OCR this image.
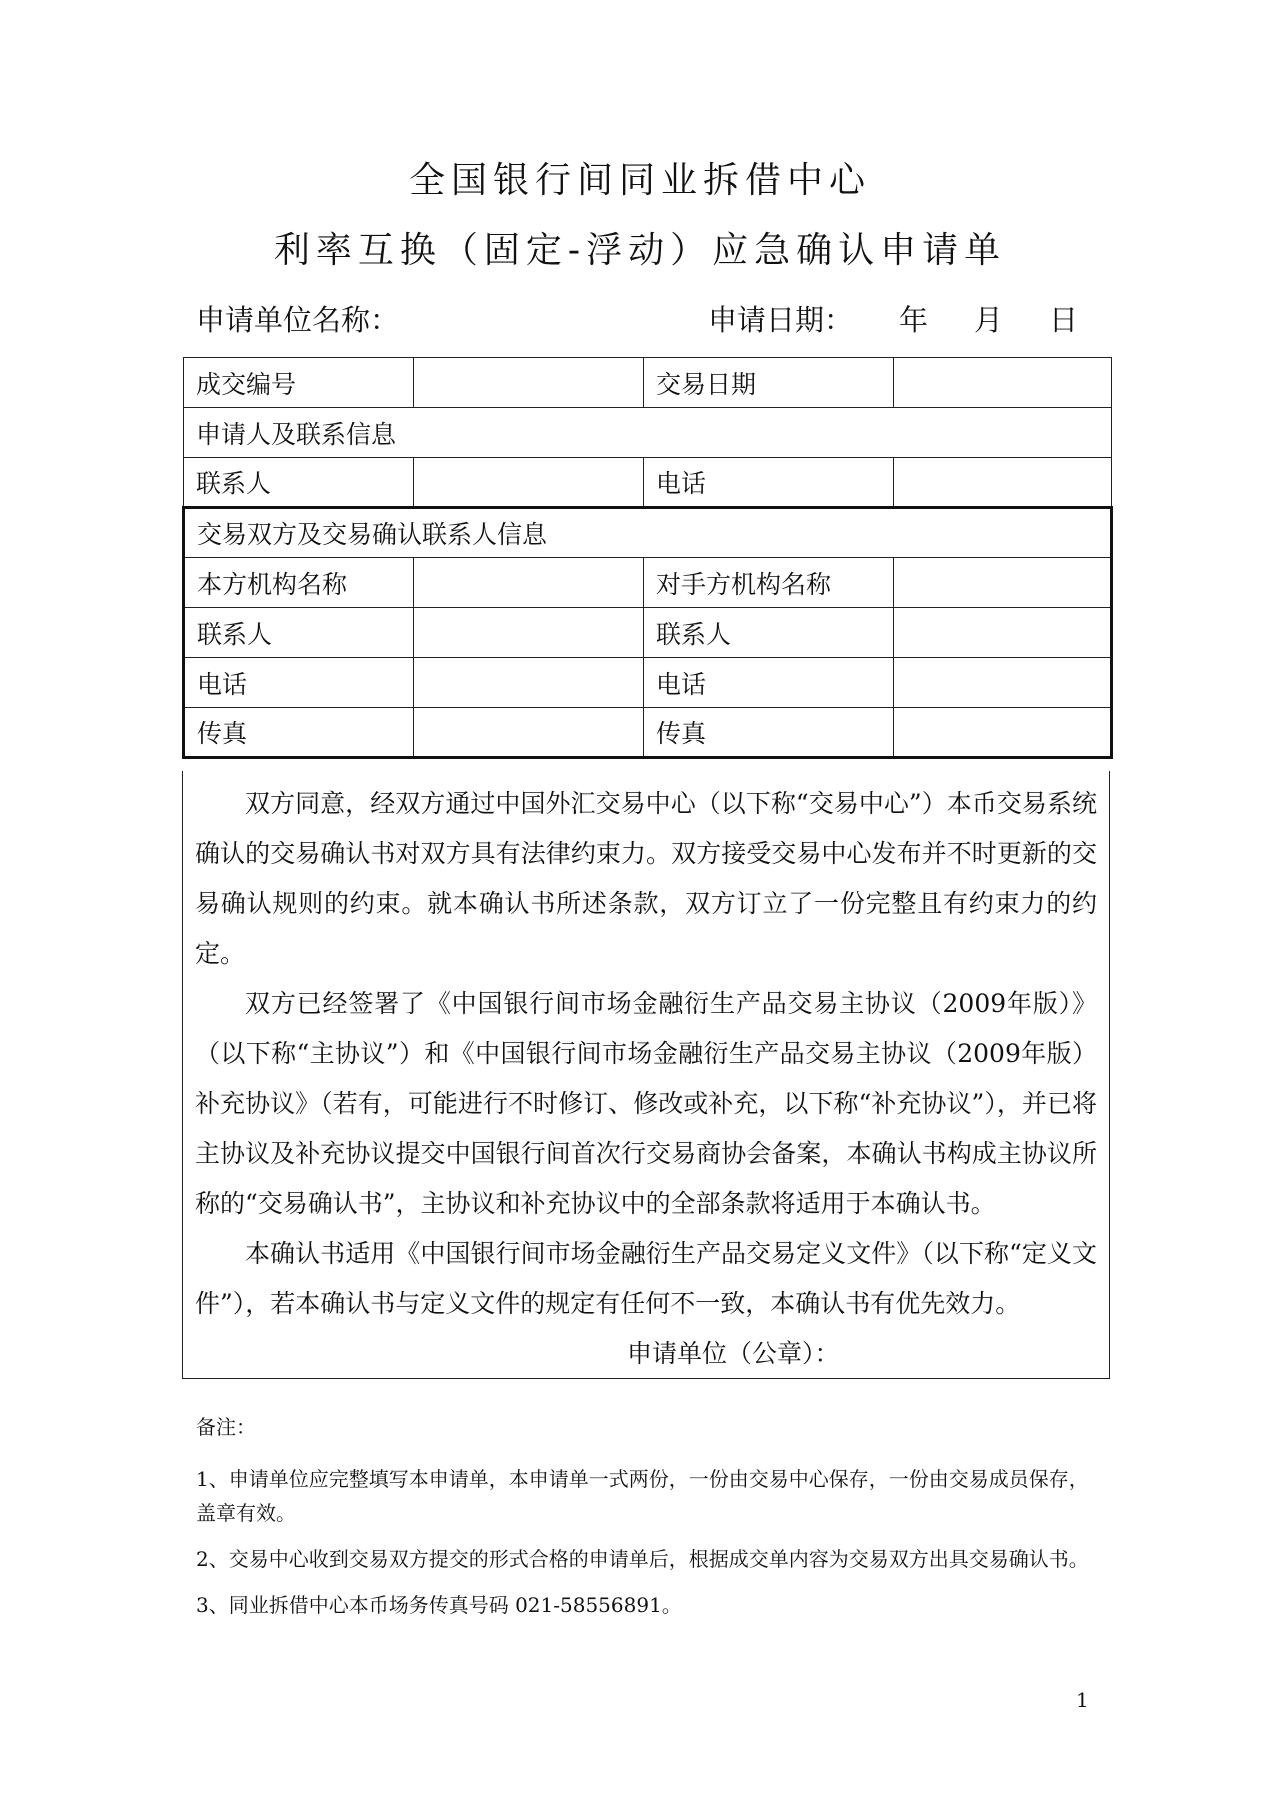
全国银行间同业拆借中心
利率互换（固定-浮动）应急确认申请单
申请单位名称：	申请日期： 年 月 日
成交编号		交易日期	
申请人及联系信息			
联系人		电话	
交易双方及交易确认联系人信息			
本方机构名称		对手方机构名称	
联系人		联系人	
电话		电话	
传真		传真	

双方同意，经双方通过中国外汇交易中心（以下称“交易中心”）本币交易系统确认的交易确认书对双方具有法律约束力。双方接受交易中心发布并不时更新的交易确认规则的约束。就本确认书所述条款，双方订立了一份完整且有约束力的约定。

双方已经签署了《中国银行间市场金融衍生产品交易主协议（2009年版）》（以下称“主协议”）和《中国银行间市场金融衍生产品交易主协议（2009年版）补充协议》（若有，可能进行不时修订、修改或补充，以下称“补充协议”），并已将主协议及补充协议提交中国银行间首次行交易商协会备案，本确认书构成主协议所称的“交易确认书”，主协议和补充协议中的全部条款将适用于本确认书。

本确认书适用《中国银行间市场金融衍生产品交易定义文件》（以下称“定义文件”），若本确认书与定义文件的规定有任何不一致，本确认书有优先效力。

申请单位（公章）：

备注：

1、申请单位应完整填写本申请单，本申请单一式两份，一份由交易中心保存，一份由交易成员保存，盖章有效。

2、交易中心收到交易双方提交的形式合格的申请单后，根据成交单内容为交易双方出具交易确认书。

3、同业拆借中心本币场务传真号码 021-58556891。

1
